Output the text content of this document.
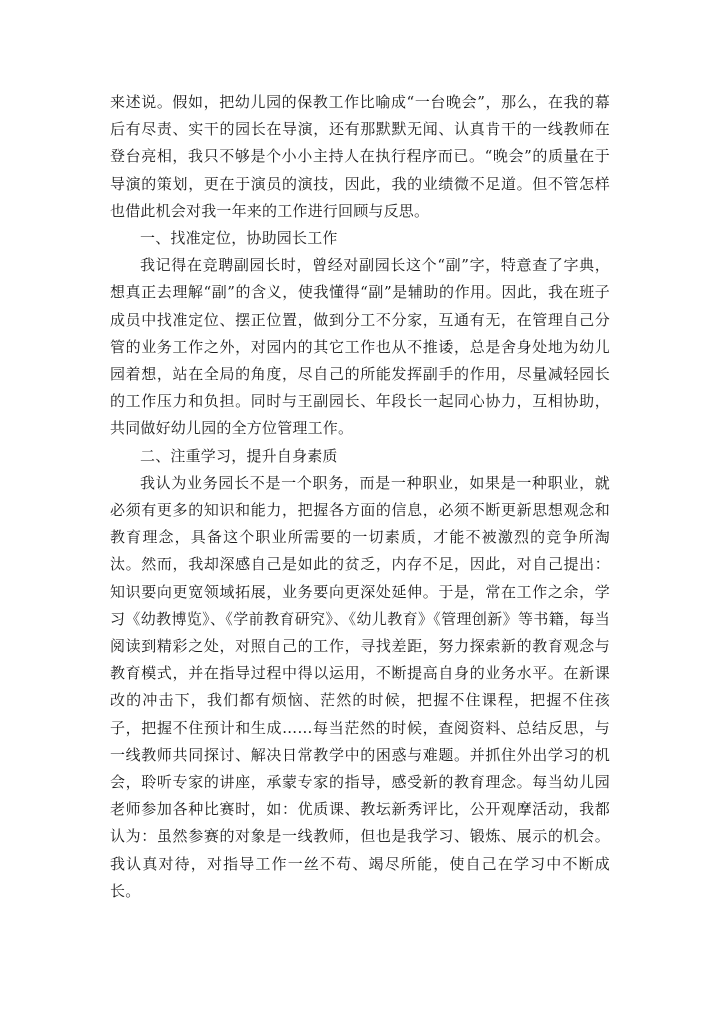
来述说。假如，把幼儿园的保教工作比喻成“一台晚会”，那么，在我的幕后有尽责、实干的园长在导演，还有那默默无闻、认真肯干的一线教师在登台亮相，我只不够是个小小主持人在执行程序而已。“晚会”的质量在于导演的策划，更在于演员的演技，因此，我的业绩微不足道。但不管怎样也借此机会对我一年来的工作进行回顾与反思。

一、找准定位，协助园长工作

我记得在竞聘副园长时，曾经对副园长这个“副”字，特意查了字典，想真正去理解“副”的含义，使我懂得“副”是辅助的作用。因此，我在班子成员中找准定位、摆正位置，做到分工不分家，互通有无，在管理自己分管的业务工作之外，对园内的其它工作也从不推诿，总是舍身处地为幼儿园着想，站在全局的角度，尽自己的所能发挥副手的作用，尽量减轻园长的工作压力和负担。同时与王副园长、年段长一起同心协力，互相协助，共同做好幼儿园的全方位管理工作。

二、注重学习，提升自身素质

我认为业务园长不是一个职务，而是一种职业，如果是一种职业，就必须有更多的知识和能力，把握各方面的信息，必须不断更新思想观念和教育理念，具备这个职业所需要的一切素质，才能不被激烈的竞争所淘汰。然而，我却深感自己是如此的贫乏，内存不足，因此，对自己提出：知识要向更宽领域拓展，业务要向更深处延伸。于是，常在工作之余，学习《幼教博览》、《学前教育研究》、《幼儿教育》《管理创新》等书籍，每当阅读到精彩之处，对照自己的工作，寻找差距，努力探索新的教育观念与教育模式，并在指导过程中得以运用，不断提高自身的业务水平。在新课改的冲击下，我们都有烦恼、茫然的时候，把握不住课程，把握不住孩子，把握不住预计和生成……每当茫然的时候，查阅资料、总结反思，与一线教师共同探讨、解决日常教学中的困惑与难题。并抓住外出学习的机会，聆听专家的讲座，承蒙专家的指导，感受新的教育理念。每当幼儿园老师参加各种比赛时，如：优质课、教坛新秀评比，公开观摩活动，我都认为：虽然参赛的对象是一线教师，但也是我学习、锻炼、展示的机会。我认真对待，对指导工作一丝不苟、竭尽所能，使自己在学习中不断成长。
